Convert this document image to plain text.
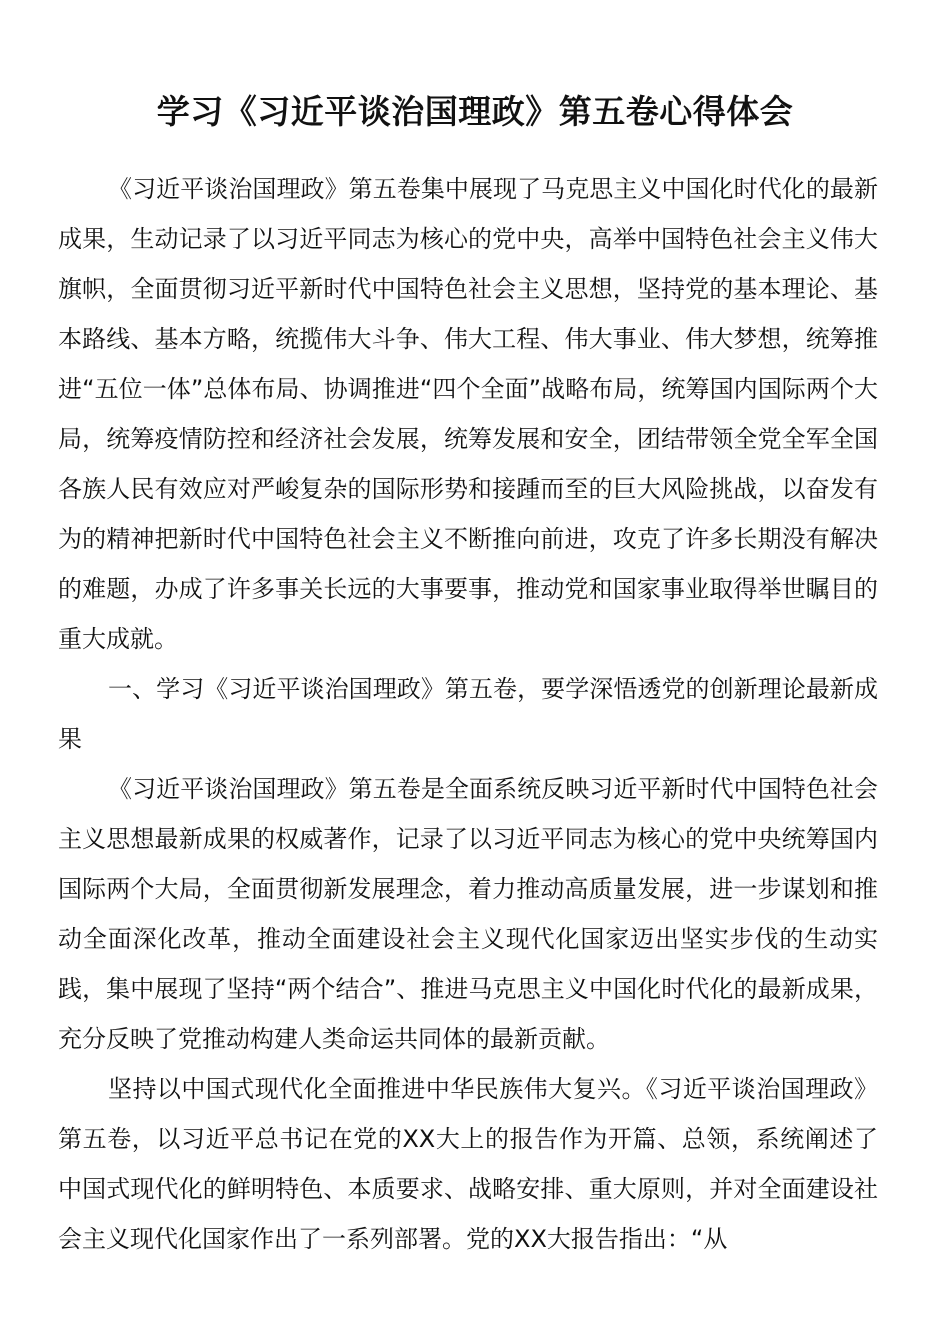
学习《习近平谈治国理政》第五卷心得体会

《习近平谈治国理政》第五卷集中展现了马克思主义中国化时代化的最新成果，生动记录了以习近平同志为核心的党中央，高举中国特色社会主义伟大旗帜，全面贯彻习近平新时代中国特色社会主义思想，坚持党的基本理论、基本路线、基本方略，统揽伟大斗争、伟大工程、伟大事业、伟大梦想，统筹推进“五位一体”总体布局、协调推进“四个全面”战略布局，统筹国内国际两个大局，统筹疫情防控和经济社会发展，统筹发展和安全，团结带领全党全军全国各族人民有效应对严峻复杂的国际形势和接踵而至的巨大风险挑战，以奋发有为的精神把新时代中国特色社会主义不断推向前进，攻克了许多长期没有解决的难题，办成了许多事关长远的大事要事，推动党和国家事业取得举世瞩目的重大成就。

一、学习《习近平谈治国理政》第五卷，要学深悟透党的创新理论最新成果

《习近平谈治国理政》第五卷是全面系统反映习近平新时代中国特色社会主义思想最新成果的权威著作，记录了以习近平同志为核心的党中央统筹国内国际两个大局，全面贯彻新发展理念，着力推动高质量发展，进一步谋划和推动全面深化改革，推动全面建设社会主义现代化国家迈出坚实步伐的生动实践，集中展现了坚持“两个结合”、推进马克思主义中国化时代化的最新成果，充分反映了党推动构建人类命运共同体的最新贡献。

坚持以中国式现代化全面推进中华民族伟大复兴。《习近平谈治国理政》第五卷，以习近平总书记在党的XX大上的报告作为开篇、总领，系统阐述了中国式现代化的鲜明特色、本质要求、战略安排、重大原则，并对全面建设社会主义现代化国家作出了一系列部署。党的XX大报告指出：“从
